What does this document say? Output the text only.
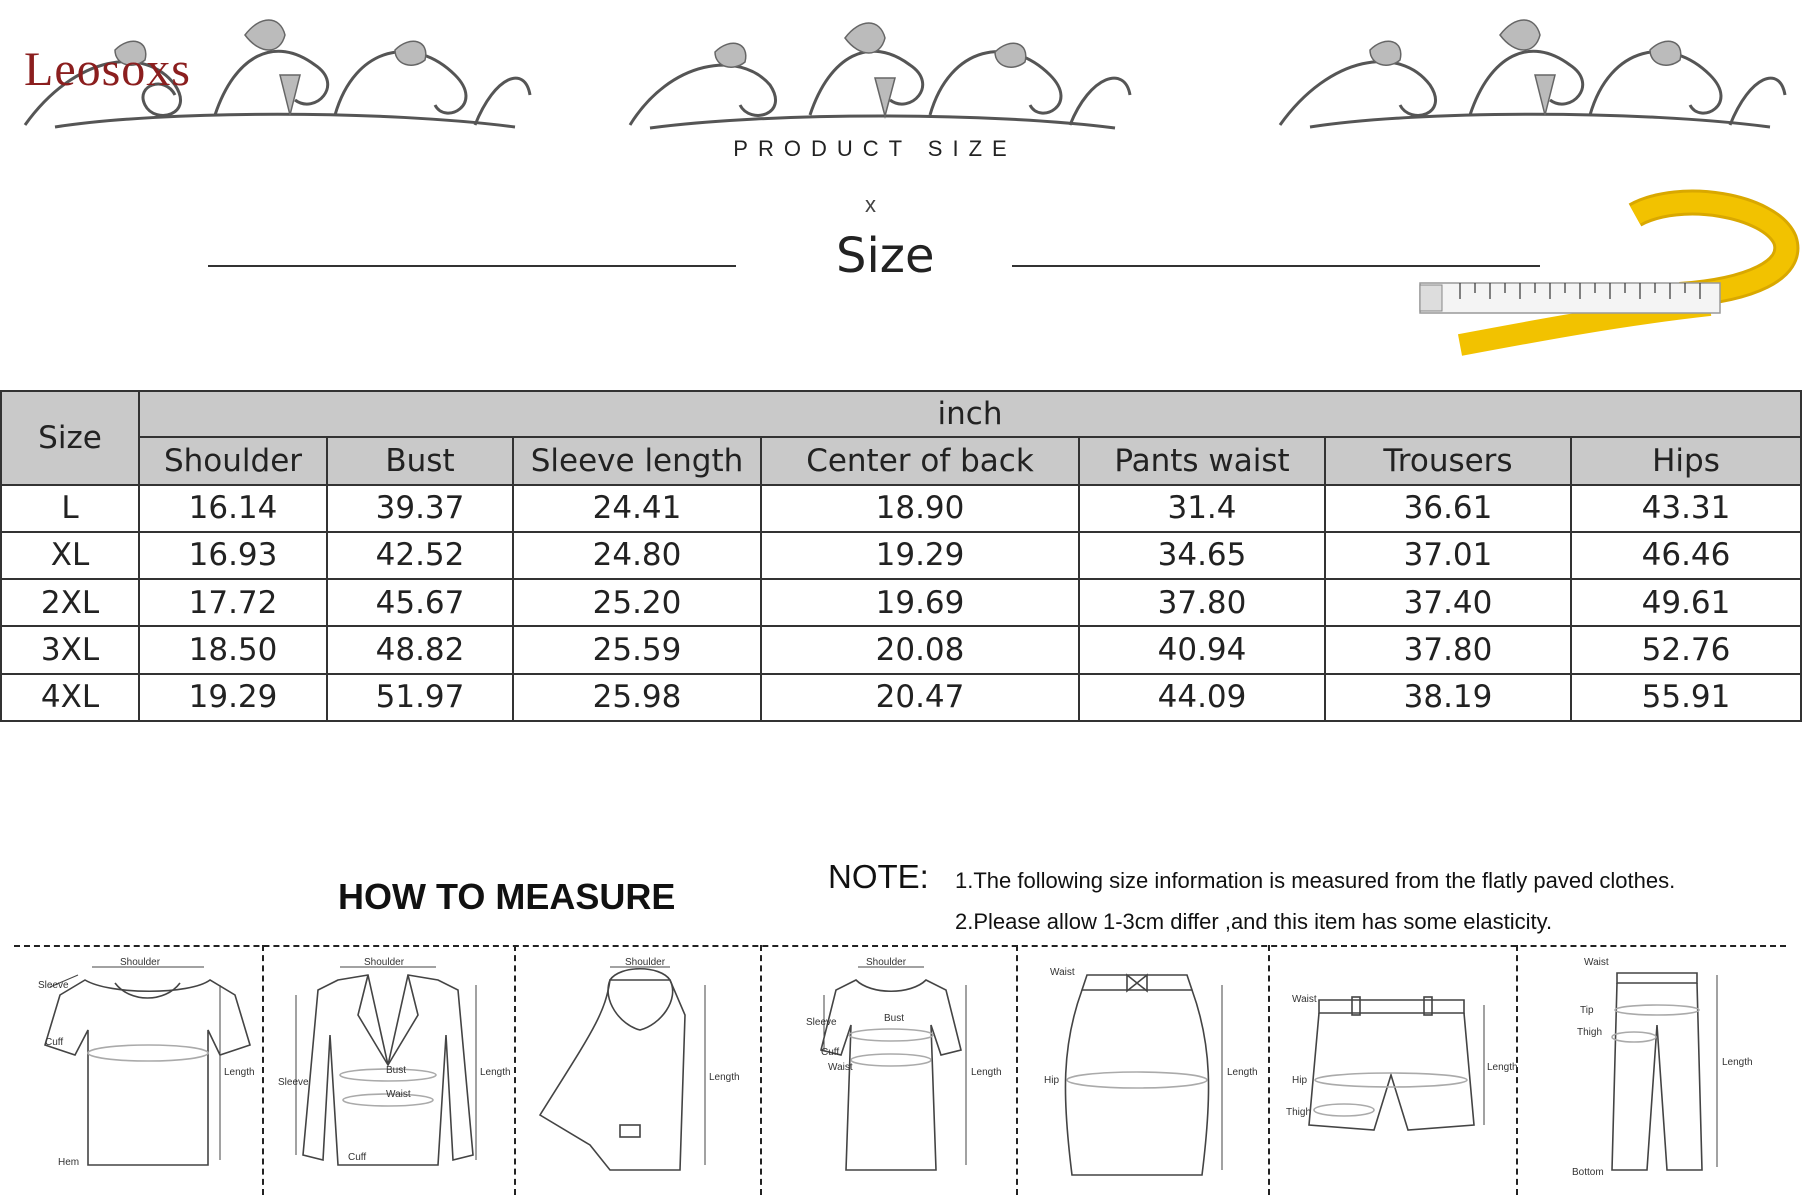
Leosoxs
PRODUCT SIZE
x
Size
Size	inch						
	Shoulder	Bust	Sleeve length	Center of back	Pants waist	Trousers	Hips
L	16.14	39.37	24.41	18.90	31.4	36.61	43.31
XL	16.93	42.52	24.80	19.29	34.65	37.01	46.46
2XL	17.72	45.67	25.20	19.69	37.80	37.40	49.61
3XL	18.50	48.82	25.59	20.08	40.94	37.80	52.76
4XL	19.29	51.97	25.98	20.47	44.09	38.19	55.91
HOW TO MEASURE	NOTE: 1.The following size information is measured from the flatly paved clothes.
2.Please allow 1-3cm differ ,and this item has some elasticity.
Shoulder
Sleeve
Cuff
Length
Hem
Shoulder
Sleeve
Bust
Waist
Length
Cuff
Shoulder
Length
Shoulder
Sleeve	Bust
Cuff
Waist	Length
Waist
Hip
Length
Waist
Hip
Thigh
Length
Waist
Tip
Thigh
Length
Bottom
